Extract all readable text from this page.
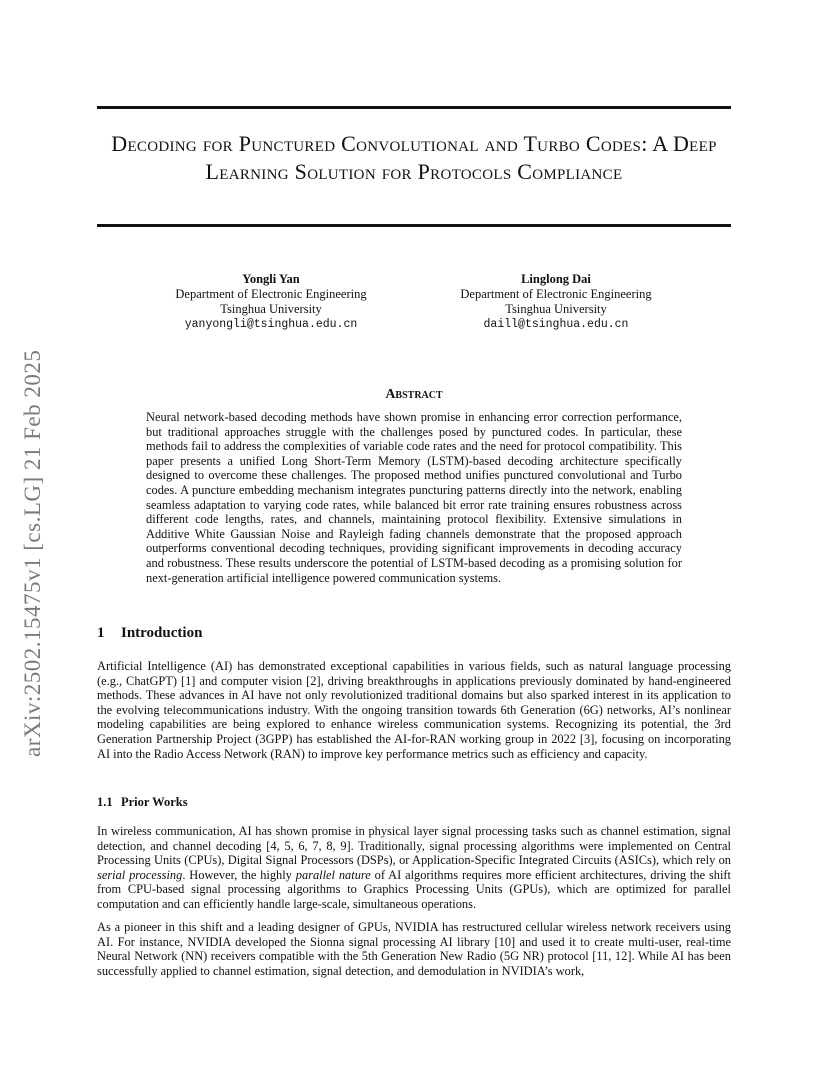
arXiv:2502.15475v1 [cs.LG] 21 Feb 2025
Decoding for Punctured Convolutional and Turbo Codes: A Deep Learning Solution for Protocols Compliance
Yongli Yan
Department of Electronic Engineering
Tsinghua University
yanyongli@tsinghua.edu.cn
Linglong Dai
Department of Electronic Engineering
Tsinghua University
daill@tsinghua.edu.cn
Abstract
Neural network-based decoding methods have shown promise in enhancing error correction performance, but traditional approaches struggle with the challenges posed by punctured codes. In particular, these methods fail to address the complexities of variable code rates and the need for protocol compatibility. This paper presents a unified Long Short-Term Memory (LSTM)-based decoding architecture specifically designed to overcome these challenges. The proposed method unifies punctured convolutional and Turbo codes. A puncture embedding mechanism integrates puncturing patterns directly into the network, enabling seamless adaptation to varying code rates, while balanced bit error rate training ensures robustness across different code lengths, rates, and channels, maintaining protocol flexibility. Extensive simulations in Additive White Gaussian Noise and Rayleigh fading channels demonstrate that the proposed approach outperforms conventional decoding techniques, providing significant improvements in decoding accuracy and robustness. These results underscore the potential of LSTM-based decoding as a promising solution for next-generation artificial intelligence powered communication systems.
1 Introduction
Artificial Intelligence (AI) has demonstrated exceptional capabilities in various fields, such as natural language processing (e.g., ChatGPT) [1] and computer vision [2], driving breakthroughs in applications previously dominated by hand-engineered methods. These advances in AI have not only revolutionized traditional domains but also sparked interest in its application to the evolving telecommunications industry. With the ongoing transition towards 6th Generation (6G) networks, AI’s nonlinear modeling capabilities are being explored to enhance wireless communication systems. Recognizing its potential, the 3rd Generation Partnership Project (3GPP) has established the AI-for-RAN working group in 2022 [3], focusing on incorporating AI into the Radio Access Network (RAN) to improve key performance metrics such as efficiency and capacity.
1.1 Prior Works
In wireless communication, AI has shown promise in physical layer signal processing tasks such as channel estimation, signal detection, and channel decoding [4, 5, 6, 7, 8, 9]. Traditionally, signal processing algorithms were implemented on Central Processing Units (CPUs), Digital Signal Processors (DSPs), or Application-Specific Integrated Circuits (ASICs), which rely on serial processing. However, the highly parallel nature of AI algorithms requires more efficient architectures, driving the shift from CPU-based signal processing algorithms to Graphics Processing Units (GPUs), which are optimized for parallel computation and can efficiently handle large-scale, simultaneous operations.
As a pioneer in this shift and a leading designer of GPUs, NVIDIA has restructured cellular wireless network receivers using AI. For instance, NVIDIA developed the Sionna signal processing AI library [10] and used it to create multi-user, real-time Neural Network (NN) receivers compatible with the 5th Generation New Radio (5G NR) protocol [11, 12]. While AI has been successfully applied to channel estimation, signal detection, and demodulation in NVIDIA’s work,
